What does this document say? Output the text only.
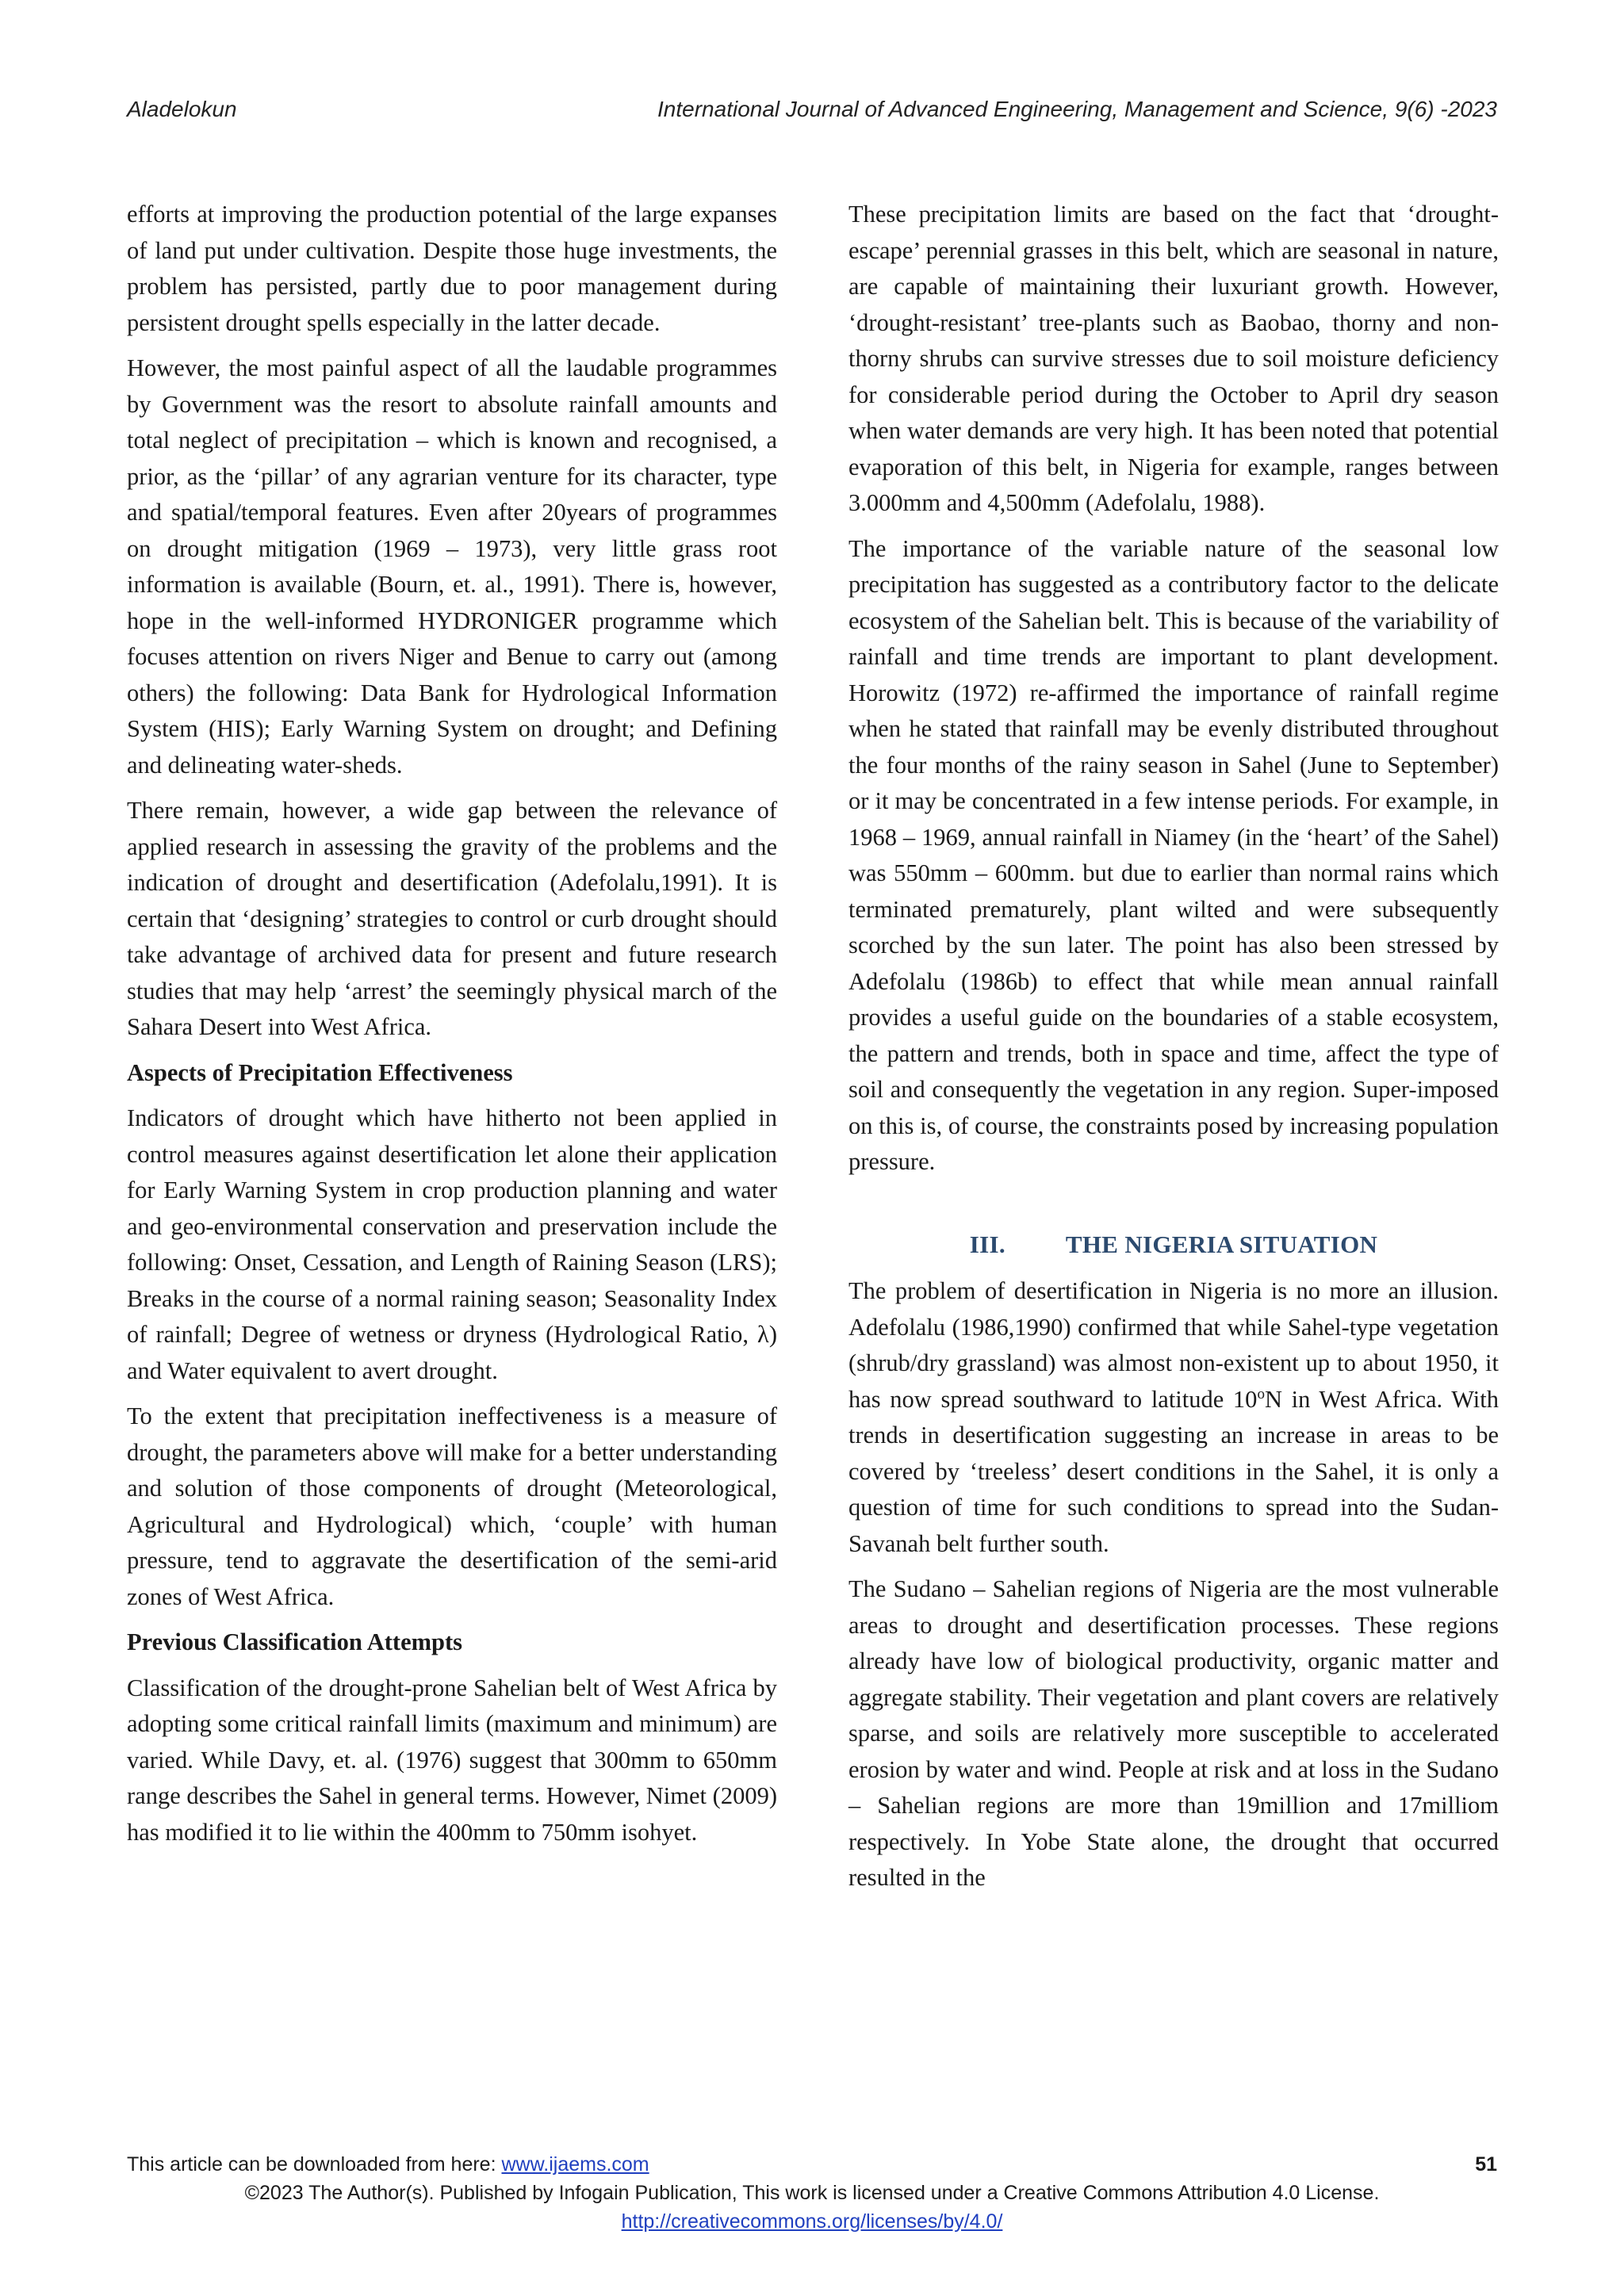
Aladelokun	International Journal of Advanced Engineering, Management and Science, 9(6) -2023

efforts at improving the production potential of the large expanses of land put under cultivation. Despite those huge investments, the problem has persisted, partly due to poor management during persistent drought spells especially in the latter decade.

However, the most painful aspect of all the laudable programmes by Government was the resort to absolute rainfall amounts and total neglect of precipitation – which is known and recognised, a prior, as the ‘pillar’ of any agrarian venture for its character, type and spatial/temporal features. Even after 20years of programmes on drought mitigation (1969 – 1973), very little grass root information is available (Bourn, et. al., 1991). There is, however, hope in the well-informed HYDRONIGER programme which focuses attention on rivers Niger and Benue to carry out (among others) the following: Data Bank for Hydrological Information System (HIS); Early Warning System on drought; and Defining and delineating water-sheds.

There remain, however, a wide gap between the relevance of applied research in assessing the gravity of the problems and the indication of drought and desertification (Adefolalu,1991). It is certain that ‘designing’ strategies to control or curb drought should take advantage of archived data for present and future research studies that may help ‘arrest’ the seemingly physical march of the Sahara Desert into West Africa.

Aspects of Precipitation Effectiveness

Indicators of drought which have hitherto not been applied in control measures against desertification let alone their application for Early Warning System in crop production planning and water and geo-environmental conservation and preservation include the following: Onset, Cessation, and Length of Raining Season (LRS); Breaks in the course of a normal raining season; Seasonality Index of rainfall; Degree of wetness or dryness (Hydrological Ratio, λ) and Water equivalent to avert drought.

To the extent that precipitation ineffectiveness is a measure of drought, the parameters above will make for a better understanding and solution of those components of drought (Meteorological, Agricultural and Hydrological) which, ‘couple’ with human pressure, tend to aggravate the desertification of the semi-arid zones of West Africa.

Previous Classification Attempts

Classification of the drought-prone Sahelian belt of West Africa by adopting some critical rainfall limits (maximum and minimum) are varied. While Davy, et. al. (1976) suggest that 300mm to 650mm range describes the Sahel in general terms. However, Nimet (2009) has modified it to lie within the 400mm to 750mm isohyet.

These precipitation limits are based on the fact that ‘drought-escape’ perennial grasses in this belt, which are seasonal in nature, are capable of maintaining their luxuriant growth. However, ‘drought-resistant’ tree-plants such as Baobao, thorny and non-thorny shrubs can survive stresses due to soil moisture deficiency for considerable period during the October to April dry season when water demands are very high. It has been noted that potential evaporation of this belt, in Nigeria for example, ranges between 3.000mm and 4,500mm (Adefolalu, 1988).

The importance of the variable nature of the seasonal low precipitation has suggested as a contributory factor to the delicate ecosystem of the Sahelian belt. This is because of the variability of rainfall and time trends are important to plant development. Horowitz (1972) re-affirmed the importance of rainfall regime when he stated that rainfall may be evenly distributed throughout the four months of the rainy season in Sahel (June to September) or it may be concentrated in a few intense periods. For example, in 1968 – 1969, annual rainfall in Niamey (in the ‘heart’ of the Sahel) was 550mm – 600mm. but due to earlier than normal rains which terminated prematurely, plant wilted and were subsequently scorched by the sun later. The point has also been stressed by Adefolalu (1986b) to effect that while mean annual rainfall provides a useful guide on the boundaries of a stable ecosystem, the pattern and trends, both in space and time, affect the type of soil and consequently the vegetation in any region. Super-imposed on this is, of course, the constraints posed by increasing population pressure.

III. THE NIGERIA SITUATION

The problem of desertification in Nigeria is no more an illusion. Adefolalu (1986,1990) confirmed that while Sahel-type vegetation (shrub/dry grassland) was almost non-existent up to about 1950, it has now spread southward to latitude 10$^o$N in West Africa. With trends in desertification suggesting an increase in areas to be covered by ‘treeless’ desert conditions in the Sahel, it is only a question of time for such conditions to spread into the Sudan-Savanah belt further south.

The Sudano – Sahelian regions of Nigeria are the most vulnerable areas to drought and desertification processes. These regions already have low of biological productivity, organic matter and aggregate stability. Their vegetation and plant covers are relatively sparse, and soils are relatively more susceptible to accelerated erosion by water and wind. People at risk and at loss in the Sudano – Sahelian regions are more than 19million and 17milliom respectively. In Yobe State alone, the drought that occurred resulted in the

This article can be downloaded from here: www.ijaems.com	51
©2023 The Author(s). Published by Infogain Publication, This work is licensed under a Creative Commons Attribution 4.0 License.
http://creativecommons.org/licenses/by/4.0/
